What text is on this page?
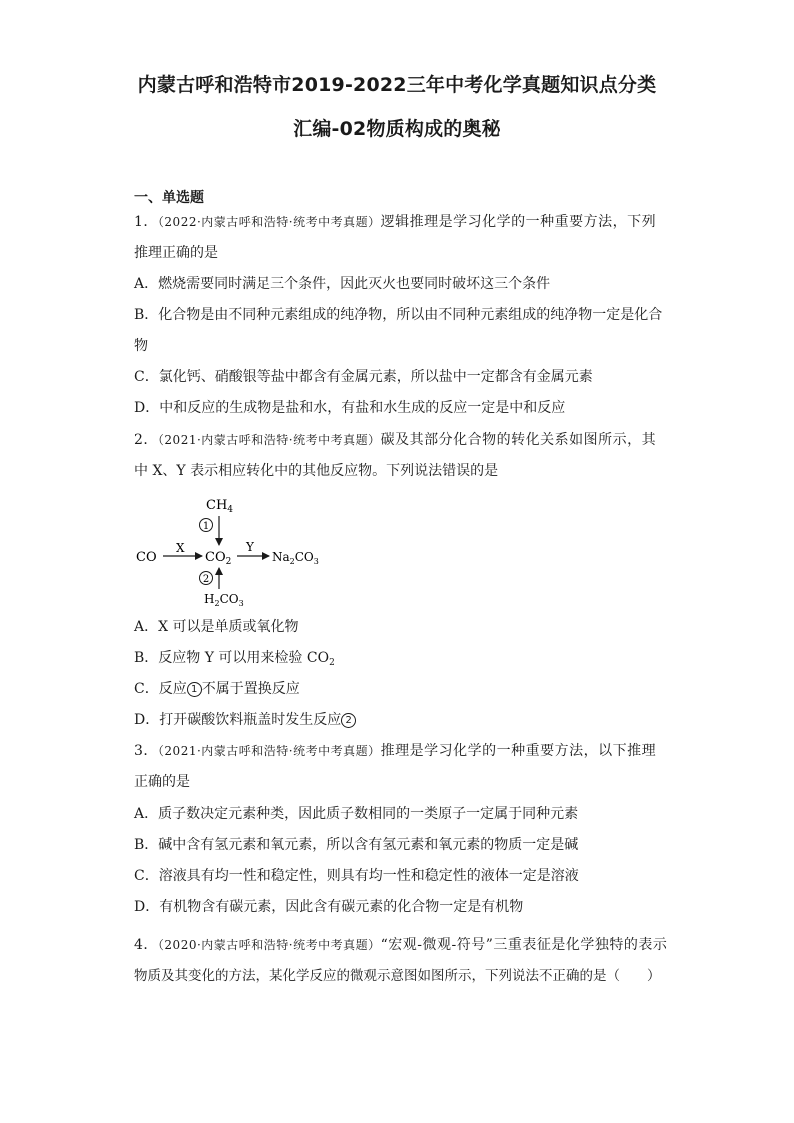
内蒙古呼和浩特市2019-2022三年中考化学真题知识点分类
汇编-02物质构成的奥秘
一、单选题
1．（2022·内蒙古呼和浩特·统考中考真题）逻辑推理是学习化学的一种重要方法，下列
推理正确的是
A．燃烧需要同时满足三个条件，因此灭火也要同时破坏这三个条件
B．化合物是由不同种元素组成的纯净物，所以由不同种元素组成的纯净物一定是化合
物
C．氯化钙、硝酸银等盐中都含有金属元素，所以盐中一定都含有金属元素
D．中和反应的生成物是盐和水，有盐和水生成的反应一定是中和反应
2．（2021·内蒙古呼和浩特·统考中考真题）碳及其部分化合物的转化关系如图所示，其
中 X、Y 表示相应转化中的其他反应物。下列说法错误的是
$CH_4$
1
CO
X
$CO_2$
Y
$Na_2CO_3$
2
$H_2CO_3$
A．X 可以是单质或氧化物
B．反应物 Y 可以用来检验 $CO_2$
C．反应 1 不属于置换反应
D．打开碳酸饮料瓶盖时发生反应 2
3．（2021·内蒙古呼和浩特·统考中考真题）推理是学习化学的一种重要方法，以下推理
正确的是
A．质子数决定元素种类，因此质子数相同的一类原子一定属于同种元素
B．碱中含有氢元素和氧元素，所以含有氢元素和氧元素的物质一定是碱
C．溶液具有均一性和稳定性，则具有均一性和稳定性的液体一定是溶液
D．有机物含有碳元素，因此含有碳元素的化合物一定是有机物
4．（2020·内蒙古呼和浩特·统考中考真题）“宏观-微观-符号”三重表征是化学独特的表示
物质及其变化的方法，某化学反应的微观示意图如图所示，下列说法不正确的是（　　）
